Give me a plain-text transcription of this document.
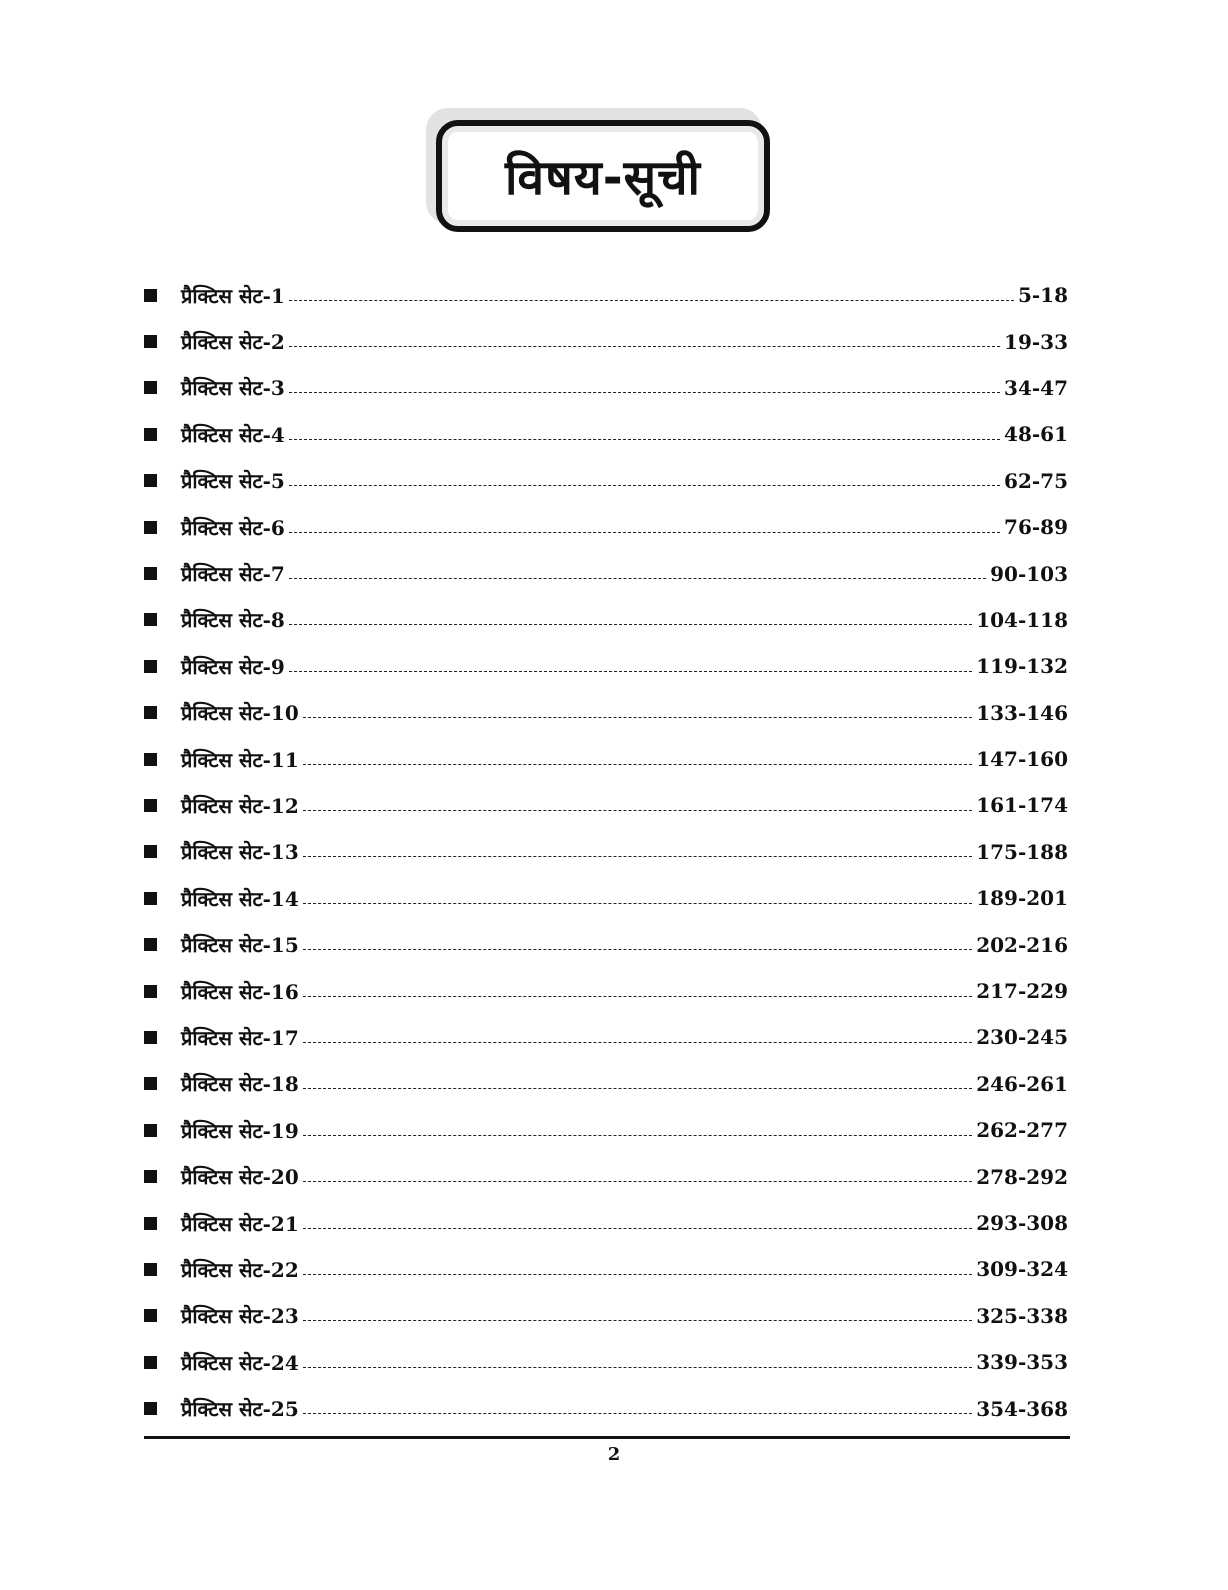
विषय-सूची
प्रैक्टिस सेट-1	5-18
प्रैक्टिस सेट-2	19-33
प्रैक्टिस सेट-3	34-47
प्रैक्टिस सेट-4	48-61
प्रैक्टिस सेट-5	62-75
प्रैक्टिस सेट-6	76-89
प्रैक्टिस सेट-7	90-103
प्रैक्टिस सेट-8	104-118
प्रैक्टिस सेट-9	119-132
प्रैक्टिस सेट-10	133-146
प्रैक्टिस सेट-11	147-160
प्रैक्टिस सेट-12	161-174
प्रैक्टिस सेट-13	175-188
प्रैक्टिस सेट-14	189-201
प्रैक्टिस सेट-15	202-216
प्रैक्टिस सेट-16	217-229
प्रैक्टिस सेट-17	230-245
प्रैक्टिस सेट-18	246-261
प्रैक्टिस सेट-19	262-277
प्रैक्टिस सेट-20	278-292
प्रैक्टिस सेट-21	293-308
प्रैक्टिस सेट-22	309-324
प्रैक्टिस सेट-23	325-338
प्रैक्टिस सेट-24	339-353
प्रैक्टिस सेट-25	354-368
2
